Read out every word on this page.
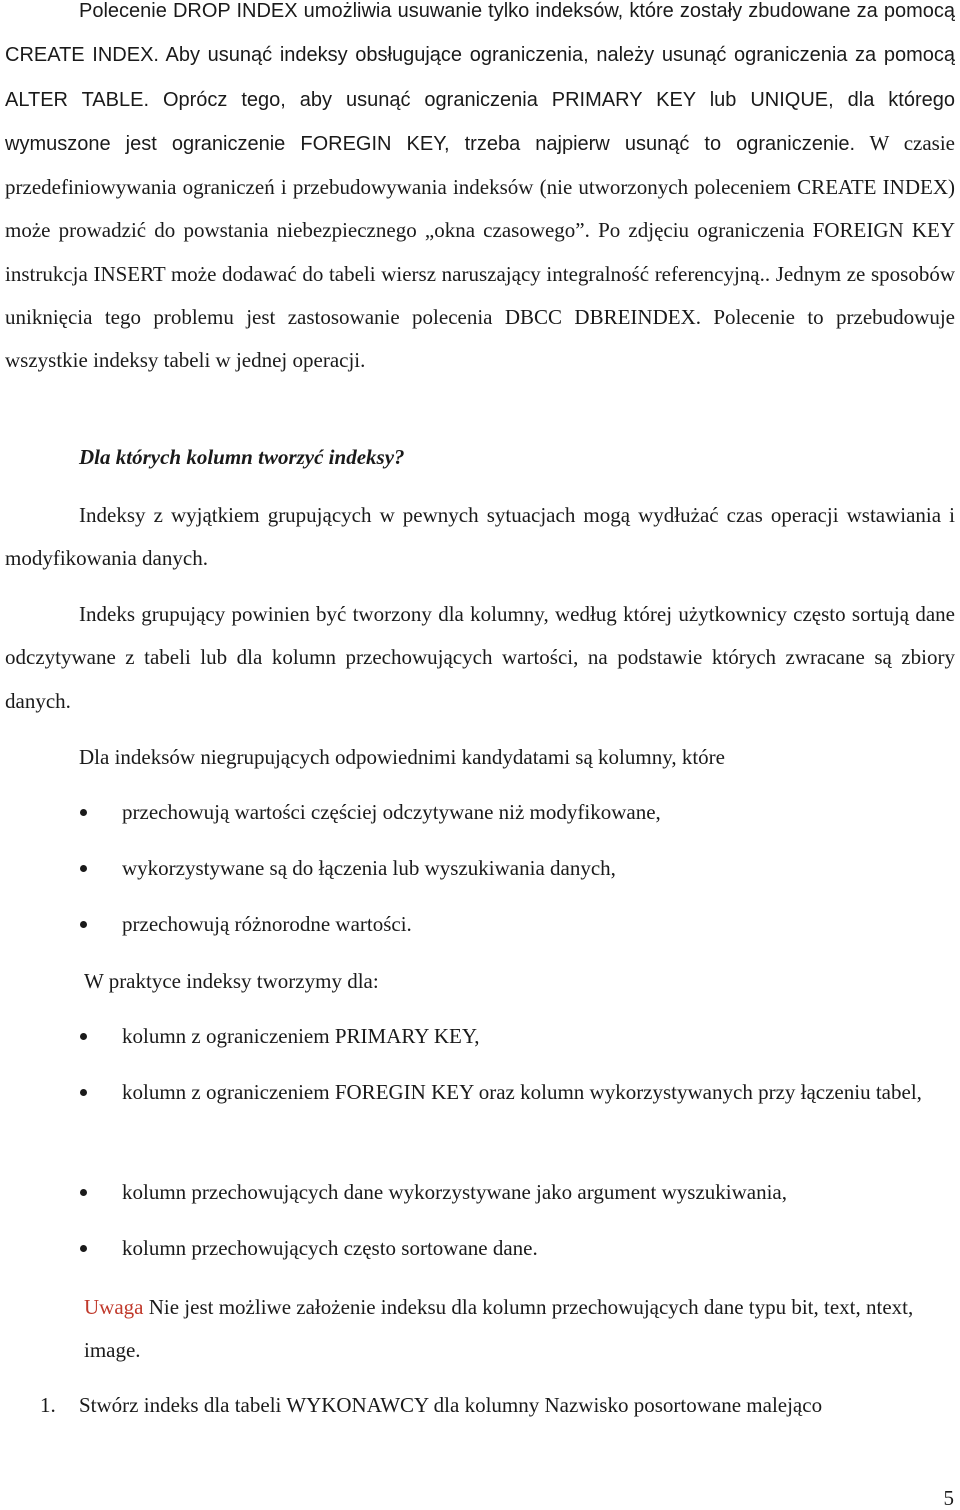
Polecenie DROP INDEX umożliwia usuwanie tylko indeksów, które zostały zbudowane za pomocą CREATE INDEX. Aby usunąć indeksy obsługujące ograniczenia, należy usunąć ograniczenia za pomocą ALTER TABLE. Oprócz tego, aby usunąć ograniczenia PRIMARY KEY lub UNIQUE, dla którego wymuszone jest ograniczenie FOREGIN KEY, trzeba najpierw usunąć to ograniczenie. W czasie przedefiniowywania ograniczeń i przebudowywania indeksów (nie utworzonych poleceniem CREATE INDEX) może prowadzić do powstania niebezpiecznego „okna czasowego”. Po zdjęciu ograniczenia FOREIGN KEY instrukcja INSERT może dodawać do tabeli wiersz naruszający integralność referencyjną.. Jednym ze sposobów uniknięcia tego problemu jest zastosowanie polecenia DBCC DBREINDEX. Polecenie to przebudowuje wszystkie indeksy tabeli w jednej operacji.
Dla których kolumn tworzyć indeksy?
Indeksy z wyjątkiem grupujących w pewnych sytuacjach mogą wydłużać czas operacji wstawiania i modyfikowania danych.
Indeks grupujący powinien być tworzony dla kolumny, według której użytkownicy często sortują dane odczytywane z tabeli lub dla kolumn przechowujących wartości, na podstawie których zwracane są zbiory danych.
Dla indeksów niegrupujących odpowiednimi kandydatami są kolumny, które
przechowują wartości częściej odczytywane niż modyfikowane,
wykorzystywane są do łączenia lub wyszukiwania danych,
przechowują różnorodne wartości.
W praktyce indeksy tworzymy dla:
kolumn z ograniczeniem PRIMARY KEY,
kolumn z ograniczeniem FOREGIN KEY oraz kolumn wykorzystywanych przy łączeniu tabel,
kolumn przechowujących dane wykorzystywane jako argument wyszukiwania,
kolumn przechowujących często sortowane dane.
Uwaga Nie jest możliwe założenie indeksu dla kolumn przechowujących dane typu bit, text, ntext, image.
1. Stwórz indeks dla tabeli WYKONAWCY dla kolumny Nazwisko posortowane malejąco
5
